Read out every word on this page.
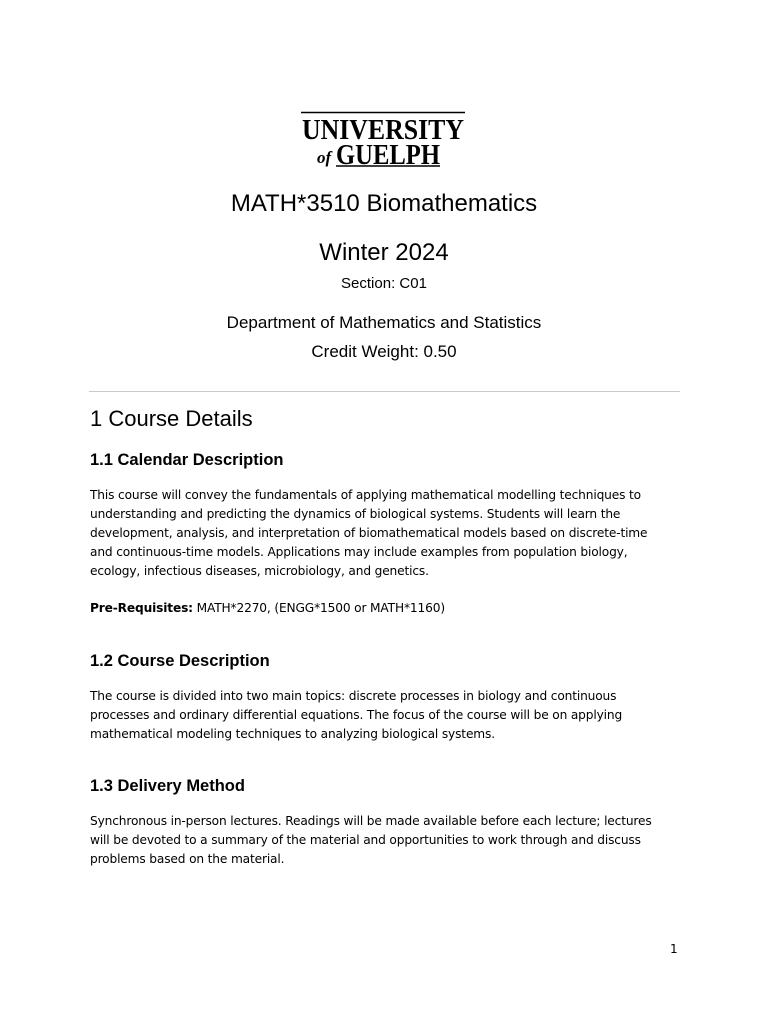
UNIVERSITY
of GUELPH
MATH*3510 Biomathematics
Winter 2024
Section: C01
Department of Mathematics and Statistics
Credit Weight: 0.50
1 Course Details
1.1 Calendar Description
This course will convey the fundamentals of applying mathematical modelling techniques to
understanding and predicting the dynamics of biological systems. Students will learn the
development, analysis, and interpretation of biomathematical models based on discrete-time
and continuous-time models. Applications may include examples from population biology,
ecology, infectious diseases, microbiology, and genetics.
Pre-Requisites: MATH*2270, (ENGG*1500 or MATH*1160)
1.2 Course Description
The course is divided into two main topics: discrete processes in biology and continuous
processes and ordinary differential equations. The focus of the course will be on applying
mathematical modeling techniques to analyzing biological systems.
1.3 Delivery Method
Synchronous in-person lectures. Readings will be made available before each lecture; lectures
will be devoted to a summary of the material and opportunities to work through and discuss
problems based on the material.
1
